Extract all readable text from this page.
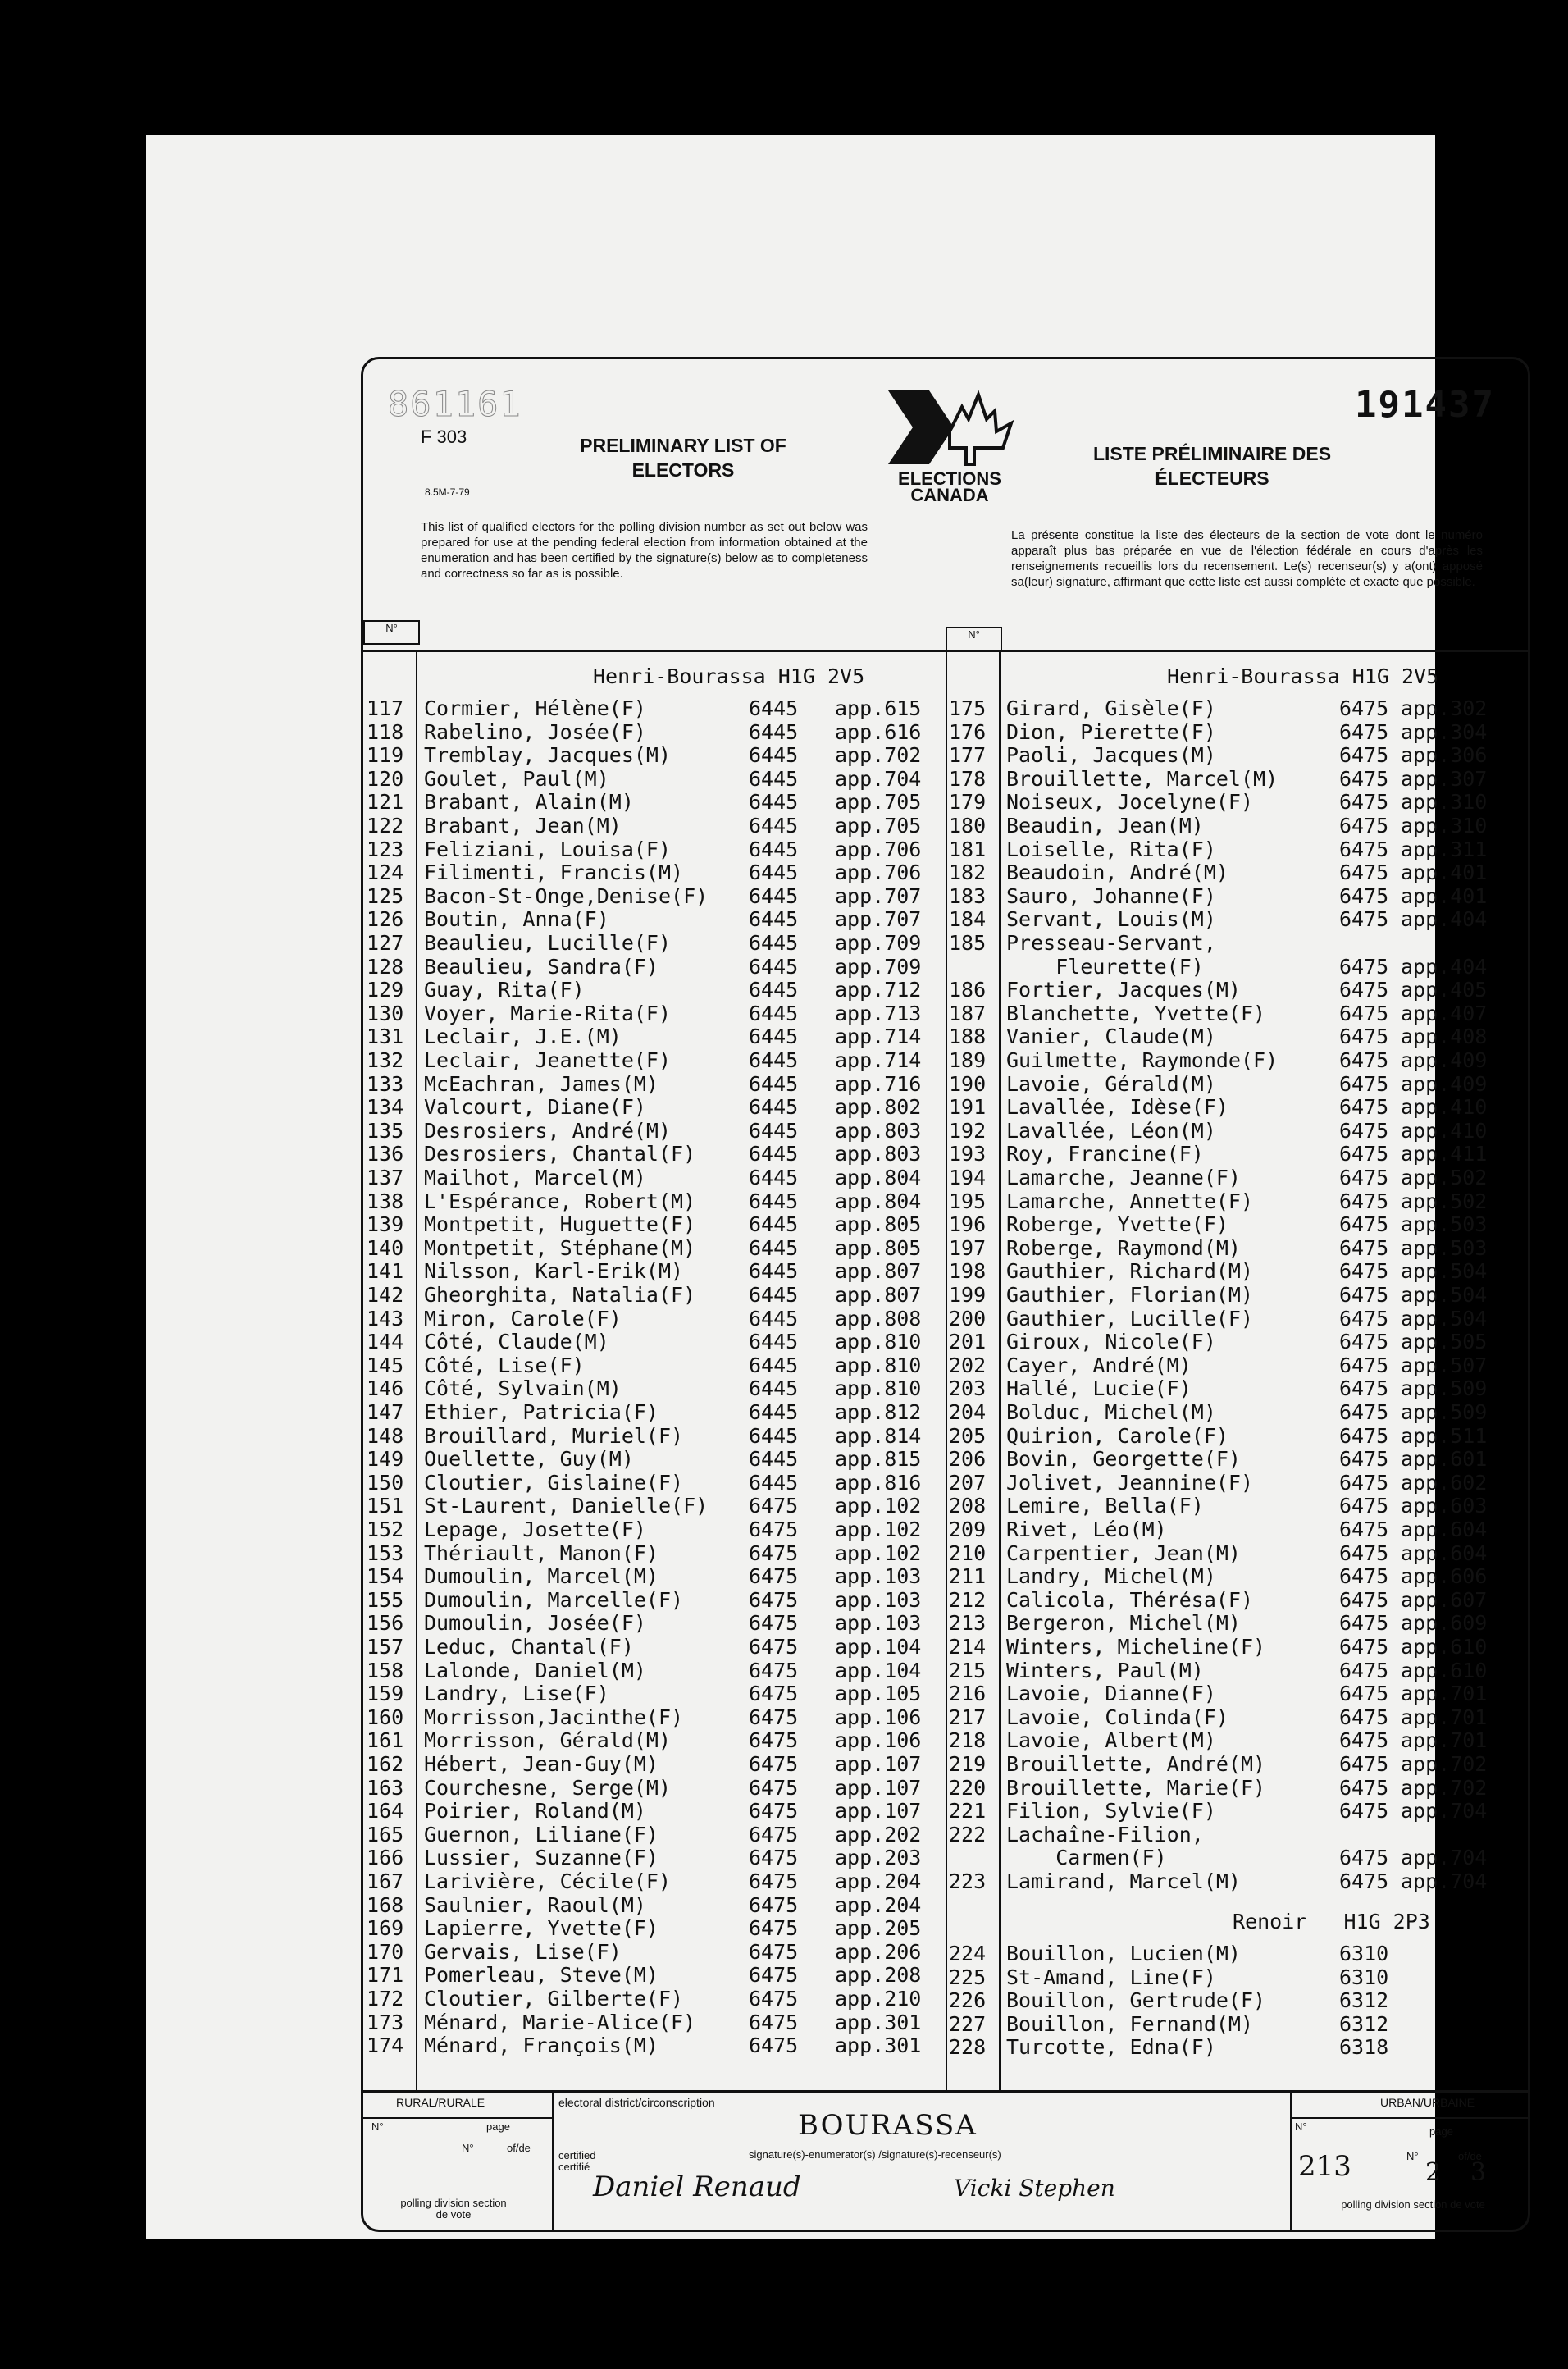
861161
F 303
8.5M-7-79
PRELIMINARY LIST OF ELECTORS	ELECTIONS CANADA
191437
LISTE PRÉLIMINAIRE DES ÉLECTEURS
This list of qualified electors for the polling division number as set out below was prepared for use at the pending federal election from information obtained at the enumeration and has been certified by the signature(s) below as to completeness and correctness so far as is possible.
La présente constitue la liste des électeurs de la section de vote dont le numéro apparaît plus bas préparée en vue de l'élection fédérale en cours d'après les renseignements recueillis lors du recensement. Le(s) recenseur(s) y a(ont) apposé sa(leur) signature, affirmant que cette liste est aussi complète et exacte que possible.
N°
N°
Henri-Bourassa H1G 2V5
117 Cormier, Hélène(F)	6445 app.615
118 Rabelino, Josée(F)	6445 app.616
119 Tremblay, Jacques(M)	6445 app.702
120 Goulet, Paul(M)	6445 app.704
121 Brabant, Alain(M)	6445 app.705
122 Brabant, Jean(M)	6445 app.705
123 Feliziani, Louisa(F)	6445 app.706
124 Filimenti, Francis(M)	6445 app.706
125 Bacon-St-Onge,Denise(F) 6445 app.707
126 Boutin, Anna(F)	6445 app.707
127 Beaulieu, Lucille(F)	6445 app.709
128 Beaulieu, Sandra(F)	6445 app.709
129 Guay, Rita(F)	6445 app.712
130 Voyer, Marie-Rita(F)	6445 app.713
131 Leclair, J.E.(M)	6445 app.714
132 Leclair, Jeanette(F)	6445 app.714
133 McEachran, James(M)	6445 app.716
134 Valcourt, Diane(F)	6445 app.802
135 Desrosiers, André(M)	6445 app.803
136 Desrosiers, Chantal(F)	6445 app.803
137 Mailhot, Marcel(M)	6445 app.804
138 L'Espérance, Robert(M)	6445 app.804
139 Montpetit, Huguette(F)	6445 app.805
140 Montpetit, Stéphane(M)	6445 app.805
141 Nilsson, Karl-Erik(M)	6445 app.807
142 Gheorghita, Natalia(F)	6445 app.807
143 Miron, Carole(F)	6445 app.808
144 Côté, Claude(M)	6445 app.810
145 Côté, Lise(F)	6445 app.810
146 Côté, Sylvain(M)	6445 app.810
147 Ethier, Patricia(F)	6445 app.812
148 Brouillard, Muriel(F)	6445 app.814
149 Ouellette, Guy(M)	6445 app.815
150 Cloutier, Gislaine(F)	6445 app.816
151 St-Laurent, Danielle(F) 6475 app.102
152 Lepage, Josette(F)	6475 app.102
153 Thériault, Manon(F)	6475 app.102
154 Dumoulin, Marcel(M)	6475 app.103
155 Dumoulin, Marcelle(F)	6475 app.103
156 Dumoulin, Josée(F)	6475 app.103
157 Leduc, Chantal(F)	6475 app.104
158 Lalonde, Daniel(M)	6475 app.104
159 Landry, Lise(F)	6475 app.105
160 Morrisson,Jacinthe(F)	6475 app.106
161 Morrisson, Gérald(M)	6475 app.106
162 Hébert, Jean-Guy(M)	6475 app.107
163 Courchesne, Serge(M)	6475 app.107
164 Poirier, Roland(M)	6475 app.107
165 Guernon, Liliane(F)	6475 app.202
166 Lussier, Suzanne(F)	6475 app.203
167 Larivière, Cécile(F)	6475 app.204
168 Saulnier, Raoul(M)	6475 app.204
169 Lapierre, Yvette(F)	6475 app.205
170 Gervais, Lise(F)	6475 app.206
171 Pomerleau, Steve(M)	6475 app.208
172 Cloutier, Gilberte(F)	6475 app.210
173 Ménard, Marie-Alice(F)	6475 app.301
174 Ménard, François(M)	6475 app.301
Henri-Bourassa H1G 2V5
175 Girard, Gisèle(F)	6475 app.302
176 Dion, Pierette(F)	6475 app.304
177 Paoli, Jacques(M)	6475 app.306
178 Brouillette, Marcel(M)	6475 app.307
179 Noiseux, Jocelyne(F)	6475 app.310
180 Beaudin, Jean(M)	6475 app.310
181 Loiselle, Rita(F)	6475 app.311
182 Beaudoin, André(M)	6475 app.401
183 Sauro, Johanne(F)	6475 app.401
184 Servant, Louis(M)	6475 app.404
185 Presseau-Servant,
Fleurette(F)	6475 app.404
186 Fortier, Jacques(M)	6475 app.405
187 Blanchette, Yvette(F)	6475 app.407
188 Vanier, Claude(M)	6475 app.408
189 Guilmette, Raymonde(F)	6475 app.409
190 Lavoie, Gérald(M)	6475 app.409
191 Lavallée, Idèse(F)	6475 app.410
192 Lavallée, Léon(M)	6475 app.410
193 Roy, Francine(F)	6475 app.411
194 Lamarche, Jeanne(F)	6475 app.502
195 Lamarche, Annette(F)	6475 app.502
196 Roberge, Yvette(F)	6475 app.503
197 Roberge, Raymond(M)	6475 app.503
198 Gauthier, Richard(M)	6475 app.504
199 Gauthier, Florian(M)	6475 app.504
200 Gauthier, Lucille(F)	6475 app.504
201 Giroux, Nicole(F)	6475 app.505
202 Cayer, André(M)	6475 app.507
203 Hallé, Lucie(F)	6475 app.509
204 Bolduc, Michel(M)	6475 app.509
205 Quirion, Carole(F)	6475 app.511
206 Bovin, Georgette(F)	6475 app.601
207 Jolivet, Jeannine(F)	6475 app.602
208 Lemire, Bella(F)	6475 app.603
209 Rivet, Léo(M)	6475 app.604
210 Carpentier, Jean(M)	6475 app.604
211 Landry, Michel(M)	6475 app.606
212 Calicola, Thérésa(F)	6475 app.607
213 Bergeron, Michel(M)	6475 app.609
214 Winters, Micheline(F)	6475 app.610
215 Winters, Paul(M)	6475 app.610
216 Lavoie, Dianne(F)	6475 app.701
217 Lavoie, Colinda(F)	6475 app.701
218 Lavoie, Albert(M)	6475 app.701
219 Brouillette, André(M)	6475 app.702
220 Brouillette, Marie(F)	6475 app.702
221 Filion, Sylvie(F)	6475 app.704
222 Lachaîne-Filion,
Carmen(F)	6475 app.704
223 Lamirand, Marcel(M)	6475 app.704
Renoir   H1G 2P3
224 Bouillon, Lucien(M)	6310
225 St-Amand, Line(F)	6310
226 Bouillon, Gertrude(F)	6312
227 Bouillon, Fernand(M)	6312
228 Turcotte, Edna(F)	6318
RURAL/RURALE	electoral district/circonscription
BOURASSA
URBAN/URBAINE
N°	page
N°	of/de
polling division section de vote
certified certifié
signature(s)-enumerator(s) /signature(s)-recenseur(s)
Daniel Renaud	Vicki Stephen
N°	page
213	N°
2
of/de
3
polling division section de vote
